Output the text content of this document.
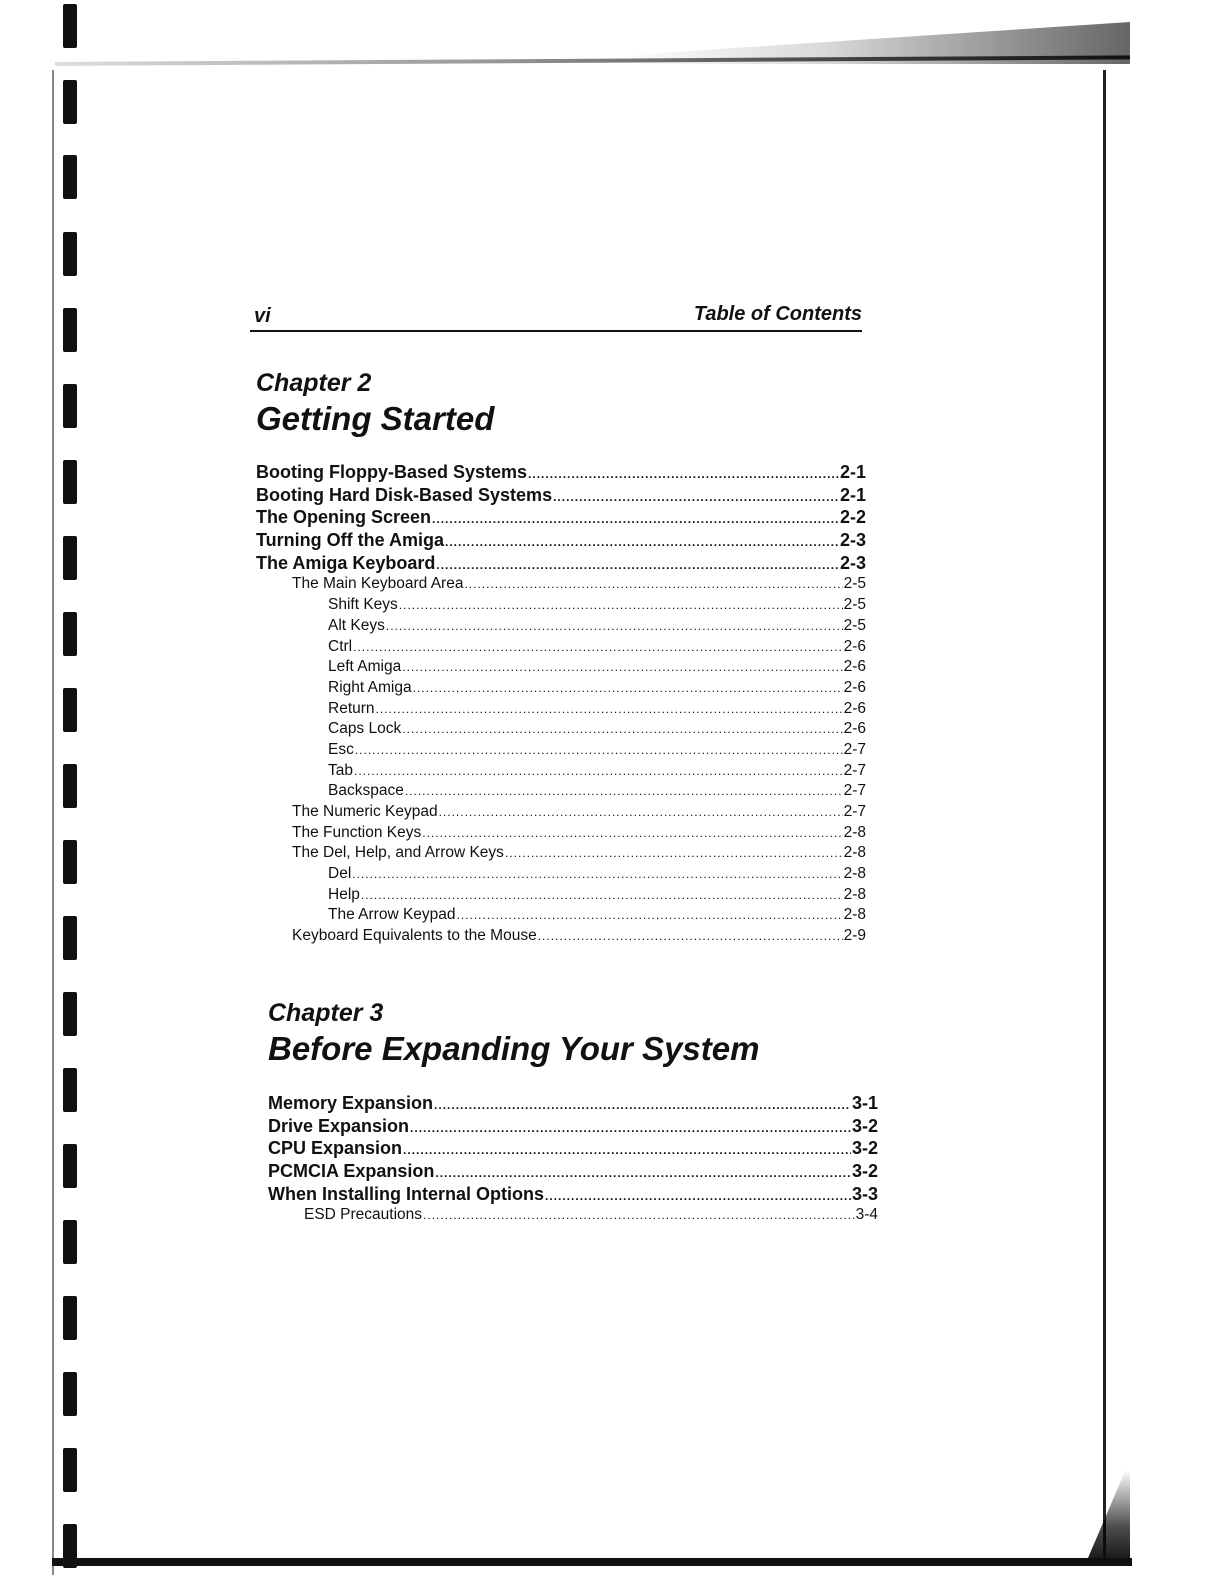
vi	Table of Contents
Chapter 2
Getting Started
Booting Floppy-Based Systems .....	2-1
Booting Hard Disk-Based Systems .....	2-1
The Opening Screen .....	2-2
Turning Off the Amiga .....	2-3
The Amiga Keyboard .....	2-3
The Main Keyboard Area .....	2-5
Shift Keys .....	2-5
Alt Keys .....	2-5
Ctrl .....	2-6
Left Amiga .....	2-6
Right Amiga .....	2-6
Return .....	2-6
Caps Lock .....	2-6
Esc .....	2-7
Tab .....	2-7
Backspace .....	2-7
The Numeric Keypad .....	2-7
The Function Keys .....	2-8
The Del, Help, and Arrow Keys .....	2-8
Del .....	2-8
Help .....	2-8
The Arrow Keypad .....	2-8
Keyboard Equivalents to the Mouse .....	2-9
Chapter 3
Before Expanding Your System
Memory Expansion .....	3-1
Drive Expansion .....	3-2
CPU Expansion .....	3-2
PCMCIA Expansion .....	3-2
When Installing Internal Options .....	3-3
ESD Precautions .....	3-4
